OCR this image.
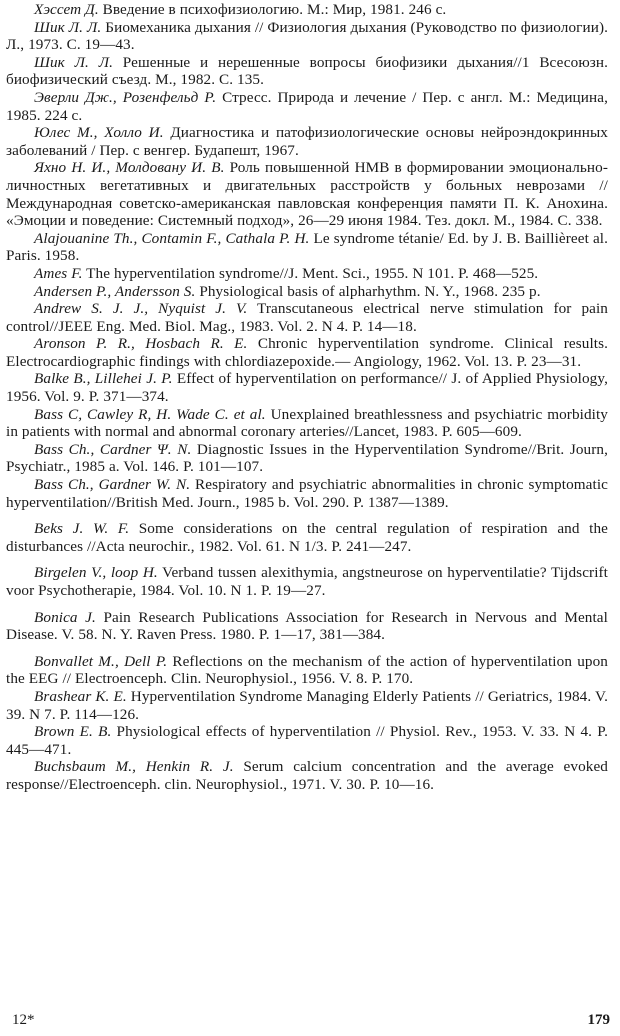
Хэссет Д. Введение в психофизиологию. М.: Мир, 1981. 246 с.

Шик Л. Л. Биомеханика дыхания // Физиология дыхания (Руководство по физиологии). Л., 1973. С. 19—43.

Шик Л. Л. Решенные и нерешенные вопросы биофизики дыхания//1 Всесоюзн. биофизический съезд. М., 1982. С. 135.

Эверли Дж., Розенфельд Р. Стресс. Природа и лечение / Пер. с англ. М.: Медицина, 1985. 224 с.

Юлес М., Холло И. Диагностика и патофизиологические основы нейроэндокринных заболеваний / Пер. с венгер. Будапешт, 1967.

Яхно Н. И., Молдовану И. В. Роль повышенной НМВ в формировании эмоционально-личностных вегетативных и двигательных расстройств у больных неврозами // Международная советско-американская павловская конференция памяти П. К. Анохина. «Эмоции и поведение: Системный подход», 26—29 июня 1984. Тез. докл. М., 1984. С. 338.

Alajouanine Th., Contamin F., Cathala P. H. Le syndrome tétanie/ Ed. by J. B. Baillièreet al. Paris. 1958.

Ames F. The hyperventilation syndrome//J. Ment. Sci., 1955. N 101. P. 468—525.

Andersen P., Andersson S. Physiological basis of alpharhythm. N. Y., 1968. 235 p.

Andrew S. J. J., Nyquist J. V. Transcutaneous electrical nerve stimulation for pain control//JEEE Eng. Med. Biol. Mag., 1983. Vol. 2. N 4. P. 14—18.

Aronson P. R., Hosbach R. E. Chronic hyperventilation syndrome. Clinical results. Electrocardiographic findings with chlordiazepoxide.— Angiology, 1962. Vol. 13. P. 23—31.

Balke B., Lillehei J. P. Effect of hyperventilation on performance// J. of Applied Physiology, 1956. Vol. 9. P. 371—374.

Bass C, Cawley R, H. Wade C. et al. Unexplained breathlessness and psychiatric morbidity in patients with normal and abnormal coronary arteries//Lancet, 1983. P. 605—609.

Bass Ch., Cardner Ψ. N. Diagnostic Issues in the Hyperventilation Syndrome//Brit. Journ, Psychiatr., 1985 a. Vol. 146. P. 101—107.

Bass Ch., Gardner W. N. Respiratory and psychiatric abnormalities in chronic symptomatic hyperventilation//British Med. Journ., 1985 b. Vol. 290. P. 1387—1389.

Beks J. W. F. Some considerations on the central regulation of respiration and the disturbances //Acta neurochir., 1982. Vol. 61. N 1/3. P. 241—247.

Birgelen V., loop H. Verband tussen alexithymia, angstneurose on hyperventilatie? Tijdscrift voor Psychotherapie, 1984. Vol. 10. N 1. P. 19—27.

Bonica J. Pain Research Publications Association for Research in Nervous and Mental Disease. V. 58. N. Y. Raven Press. 1980. P. 1—17, 381—384.

Bonvallet M., Dell P. Reflections on the mechanism of the action of hyperventilation upon the EEG // Electroenceph. Clin. Neurophysiol., 1956. V. 8. P. 170.

Brashear K. E. Hyperventilation Syndrome Managing Elderly Patients // Geriatrics, 1984. V. 39. N 7. P. 114—126.

Brown E. B. Physiological effects of hyperventilation // Physiol. Rev., 1953. V. 33. N 4. P. 445—471.

Buchsbaum M., Henkin R. J. Serum calcium concentration and the average evoked response//Electroenceph. clin. Neurophysiol., 1971. V. 30. P. 10—16.

12*	179
